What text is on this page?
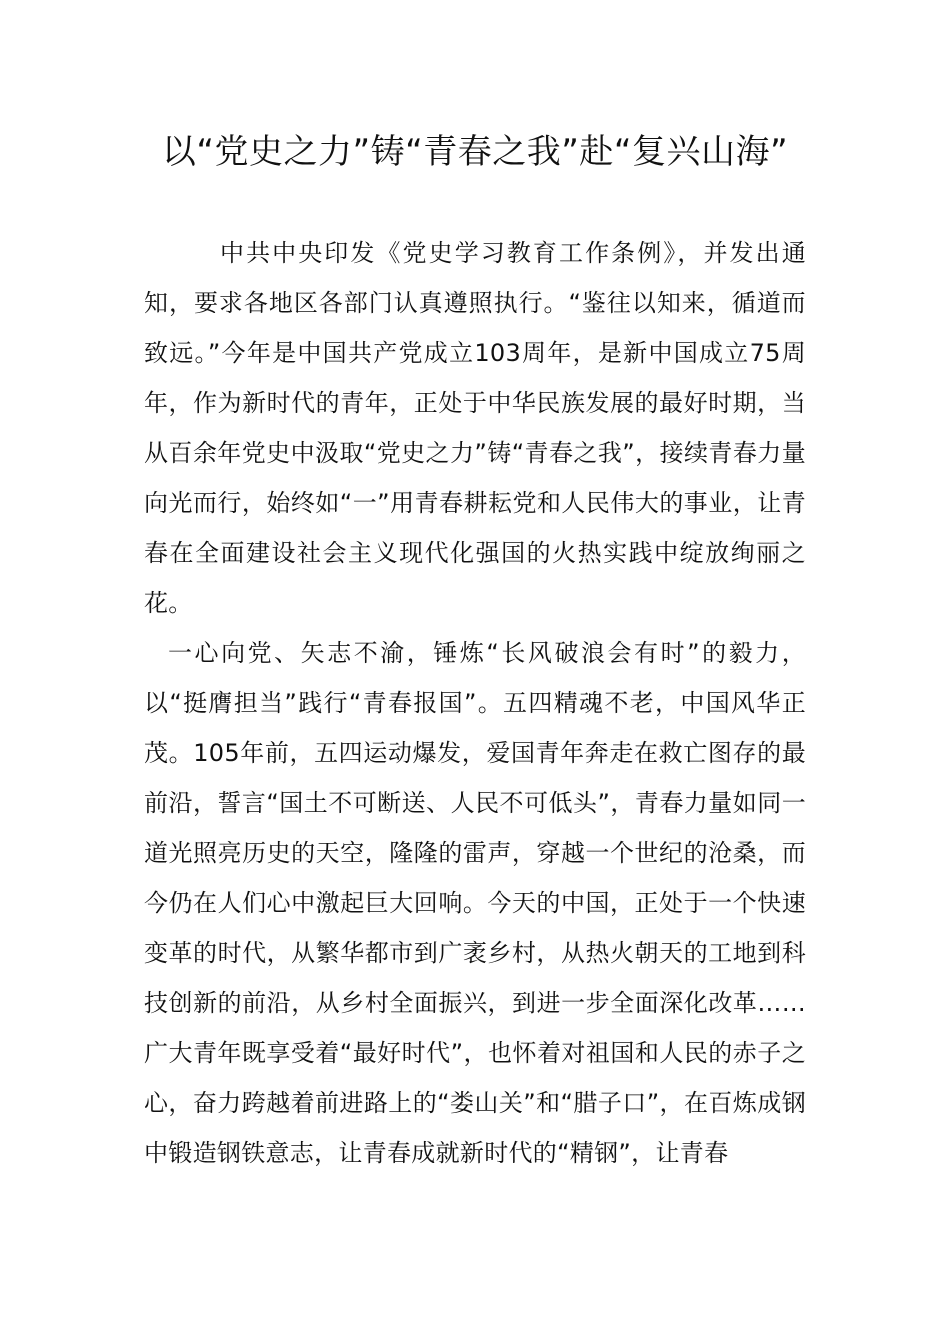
以“党史之力”铸“青春之我”赴“复兴山海”

中共中央印发《党史学习教育工作条例》，并发出通知，要求各地区各部门认真遵照执行。“鉴往以知来，循道而致远。”今年是中国共产党成立103周年，是新中国成立75周年，作为新时代的青年，正处于中华民族发展的最好时期，当从百余年党史中汲取“党史之力”铸“青春之我”，接续青春力量向光而行，始终如“一”用青春耕耘党和人民伟大的事业，让青春在全面建设社会主义现代化强国的火热实践中绽放绚丽之花。

一心向党、矢志不渝，锤炼“长风破浪会有时”的毅力，以“挺膺担当”践行“青春报国”。五四精魂不老，中国风华正茂。105年前，五四运动爆发，爱国青年奔走在救亡图存的最前沿，誓言“国土不可断送、人民不可低头”，青春力量如同一道光照亮历史的天空，隆隆的雷声，穿越一个世纪的沧桑，而今仍在人们心中激起巨大回响。今天的中国，正处于一个快速变革的时代，从繁华都市到广袤乡村，从热火朝天的工地到科技创新的前沿，从乡村全面振兴，到进一步全面深化改革……广大青年既享受着“最好时代”，也怀着对祖国和人民的赤子之心，奋力跨越着前进路上的“娄山关”和“腊子口”，在百炼成钢中锻造钢铁意志，让青春成就新时代的“精钢”，让青春
